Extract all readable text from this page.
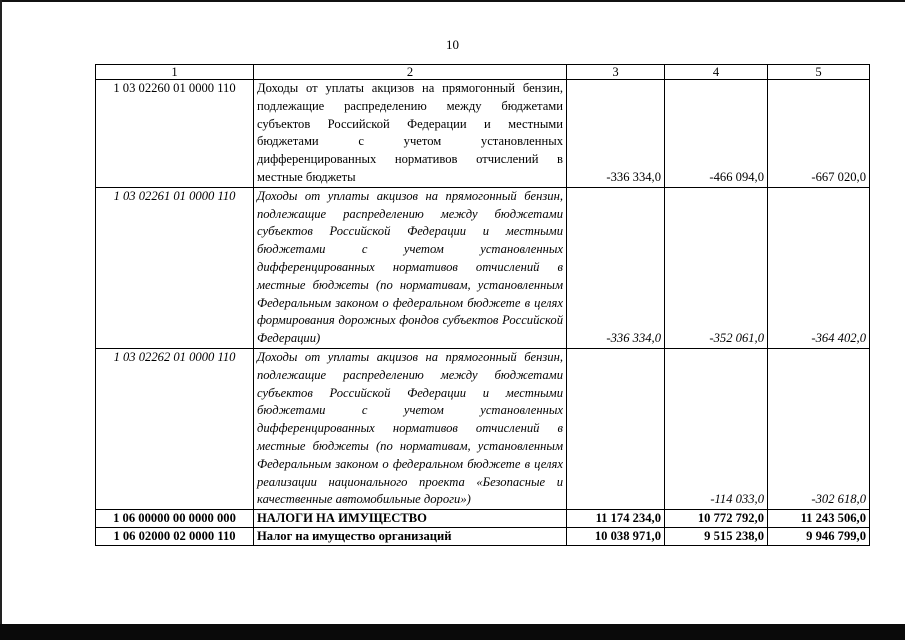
10
1	2	3	4	5
1 03 02260 01 0000 110	Доходы от уплаты акцизов на прямогонный бензин, подлежащие распределению между бюджетами субъектов Российской Федерации и местными бюджетами с учетом установленных дифференцированных нормативов отчислений в местные бюджеты	-336 334,0	-466 094,0	-667 020,0
1 03 02261 01 0000 110	Доходы от уплаты акцизов на прямогонный бензин, подлежащие распределению между бюджетами субъектов Российской Федерации и местными бюджетами с учетом установленных дифференцированных нормативов отчислений в местные бюджеты (по нормативам, установленным Федеральным законом о федеральном бюджете в целях формирования дорожных фондов субъектов Российской Федерации)	-336 334,0	-352 061,0	-364 402,0
1 03 02262 01 0000 110	Доходы от уплаты акцизов на прямогонный бензин, подлежащие распределению между бюджетами субъектов Российской Федерации и местными бюджетами с учетом установленных дифференцированных нормативов отчислений в местные бюджеты (по нормативам, установленным Федеральным законом о федеральном бюджете в целях реализации национального проекта «Безопасные и качественные автомобильные дороги»)		-114 033,0	-302 618,0
1 06 00000 00 0000 000	НАЛОГИ НА ИМУЩЕСТВО	11 174 234,0	10 772 792,0	11 243 506,0
1 06 02000 02 0000 110	Налог на имущество организаций	10 038 971,0	9 515 238,0	9 946 799,0
